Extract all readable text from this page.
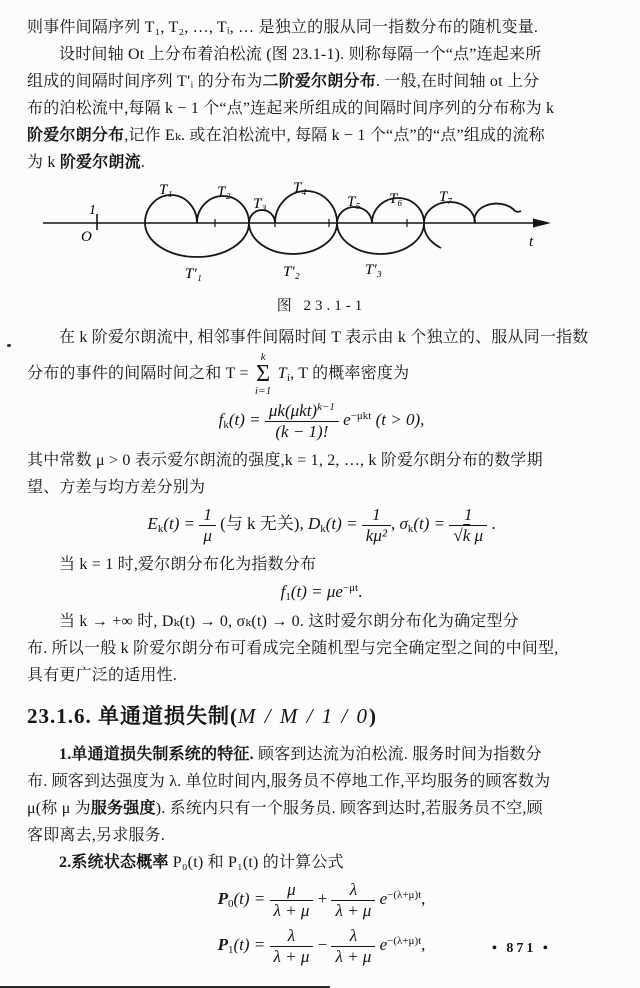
则事件间隔序列 T₁, T₂, …, Tᵢ, … 是独立的服从同一指数分布的随机变量.
设时间轴 Ot 上分布着泊松流 (图 23.1-1). 则称每隔一个“点”连起来所
组成的间隔时间序列 T′ᵢ 的分布为二阶爱尔朗分布. 一般,在时间轴 ot 上分
布的泊松流中,每隔 k − 1 个“点”连起来所组成的间隔时间序列的分布称为 k
阶爱尔朗分布,记作 Eₖ. 或在泊松流中, 每隔 k − 1 个“点”的“点”组成的流称
为 k 阶爱尔朗流.
1
O	t
T₁	T₂
T₃
T₄
T₅ T₆ T₇
T′₁	T′₂	T′₃
图 23.1-1
在 k 阶爱尔朗流中, 相邻事件间隔时间 T 表示由 k 个独立的、服从同一指数
分布的事件的间隔时间之和 T =
k
Σ
i=1
$T_i$, T 的概率密度为
$f_k(t) = \frac{\mu k(\mu kt)^{k-1}}{(k - 1)!} e^{-\mu kt}$ (t > 0),
其中常数 μ > 0 表示爱尔朗流的强度,k = 1, 2, …, k 阶爱尔朗分布的数学期
望、方差与均方差分别为
$E_k(t) = \frac{1}{\mu}$ (与 k 无关), $D_k(t) = \frac{1}{\text{kμ²}}$ , $\sigma_k(t) = \frac{1}{\text{√k μ}}$ .
当 k = 1 时,爱尔朗分布化为指数分布
$f_1(t) = \mu e^{-\mu t}$.
当 k → +∞ 时, Dₖ(t) → 0, σₖ(t) → 0. 这时爱尔朗分布化为确定型分
布. 所以一般 k 阶爱尔朗分布可看成完全随机型与完全确定型之间的中间型,
具有更广泛的适用性.
23.1.6. 单通道损失制(M / M / 1 / 0)
1.单通道损失制系统的特征. 顾客到达流为泊松流. 服务时间为指数分
布. 顾客到达强度为 λ. 单位时间内,服务员不停地工作,平均服务的顾客数为
μ(称 μ 为服务强度). 系统内只有一个服务员. 顾客到达时,若服务员不空,顾
客即离去,另求服务.
2.系统状态概率 P₀(t) 和 P₁(t) 的计算公式
$P_0(t) = \frac{\mu}{\lambda + \mu} + \frac{\lambda}{\lambda + \mu} e^{-(\lambda+\mu)t}$,
$P_1(t) = \frac{\lambda}{\lambda + \mu} - \frac{\lambda}{\lambda + \mu} e^{-(\lambda+\mu)t}$,	• 871 •
